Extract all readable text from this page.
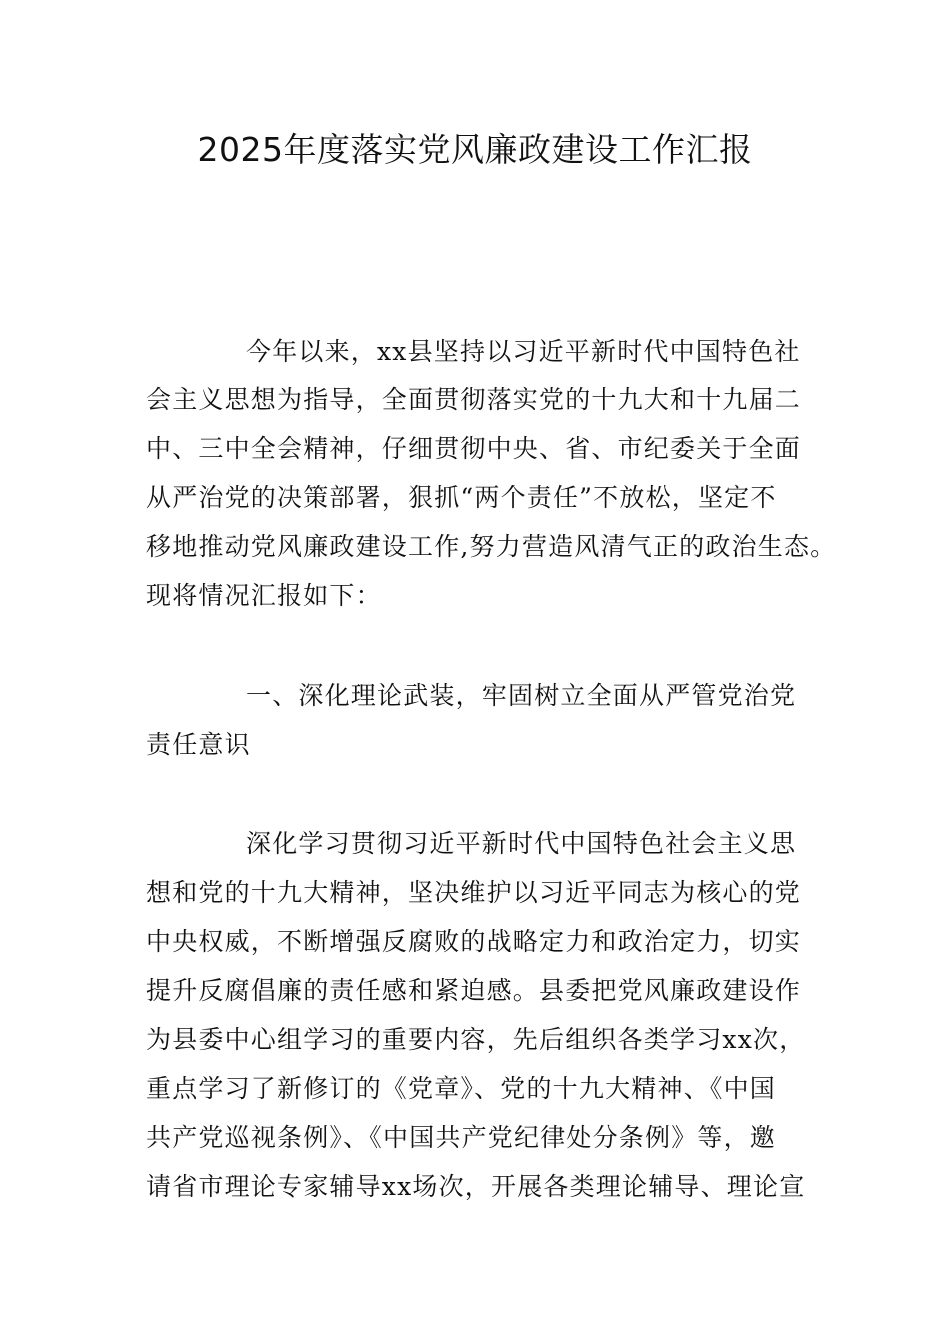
2025年度落实党风廉政建设工作汇报
今年以来，xx县坚持以习近平新时代中国特色社
会主义思想为指导，全面贯彻落实党的十九大和十九届二
中、三中全会精神，仔细贯彻中央、省、市纪委关于全面
从严治党的决策部署，狠抓“两个责任”不放松，坚定不
移地推动党风廉政建设工作,努力营造风清气正的政治生态。
现将情况汇报如下：
一、深化理论武装，牢固树立全面从严管党治党
责任意识
深化学习贯彻习近平新时代中国特色社会主义思
想和党的十九大精神，坚决维护以习近平同志为核心的党
中央权威，不断增强反腐败的战略定力和政治定力，切实
提升反腐倡廉的责任感和紧迫感。县委把党风廉政建设作
为县委中心组学习的重要内容，先后组织各类学习xx次，
重点学习了新修订的《党章》、党的十九大精神、《中国
共产党巡视条例》、《中国共产党纪律处分条例》等，邀
请省市理论专家辅导xx场次，开展各类理论辅导、理论宣
